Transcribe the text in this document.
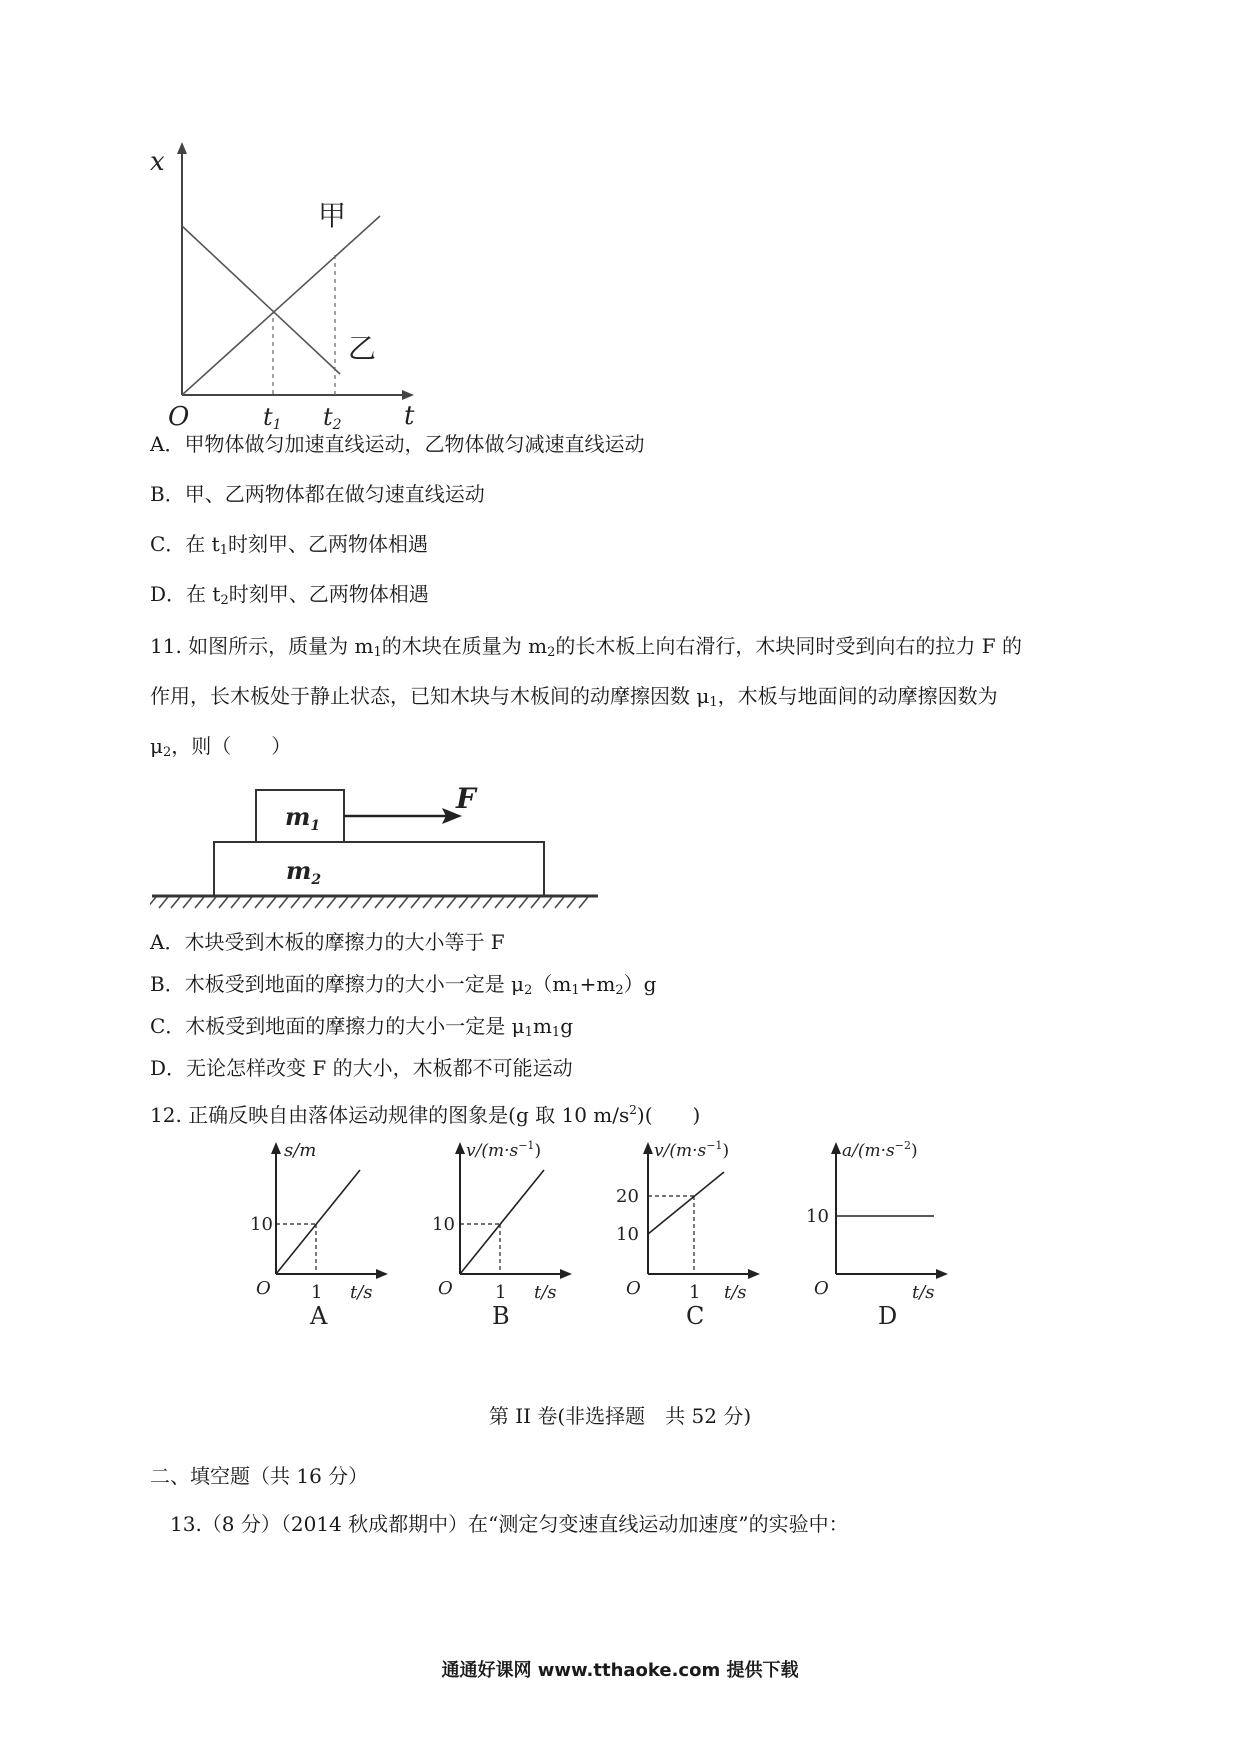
x
t
O	t1 t2
甲
乙
A．甲物体做匀加速直线运动，乙物体做匀减速直线运动
B．甲、乙两物体都在做匀速直线运动
C．在 $t_1$时刻甲、乙两物体相遇
D．在 $t_2$时刻甲、乙两物体相遇
11. 如图所示，质量为 $m_1$的木块在质量为 $m_2$的长木板上向右滑行，木块同时受到向右的拉力 F 的
作用，长木板处于静止状态，已知木块与木板间的动摩擦因数 $\mu_1$，木板与地面间的动摩擦因数为
$\mu_2$，则（　　）
$m_1$
$m_2$
F
A．木块受到木板的摩擦力的大小等于 F
B．木板受到地面的摩擦力的大小一定是 $\mu_2(m_1+m_2)g$
C．木板受到地面的摩擦力的大小一定是 $\mu_1m_1g$
D．无论怎样改变 F 的大小，木板都不可能运动
12. 正确反映自由落体运动规律的图象是(g 取 10 $m/s^2$)(　　)
s/m
10
O 1 t/s
A
$v/(m\cdot s^{-1})$
10
O 1 t/s
B
$v/(m\cdot s^{-1})$
20
10
O	1 t/s
C
$a/(m\cdot s^{-2})$
10
O	t/s
D
第 II 卷(非选择题　共 52 分)
二、填空题（共 16 分）
13.（8 分）（2014 秋成都期中）在“测定匀变速直线运动加速度”的实验中：
通通好课网 www.tthaoke.com 提供下载
